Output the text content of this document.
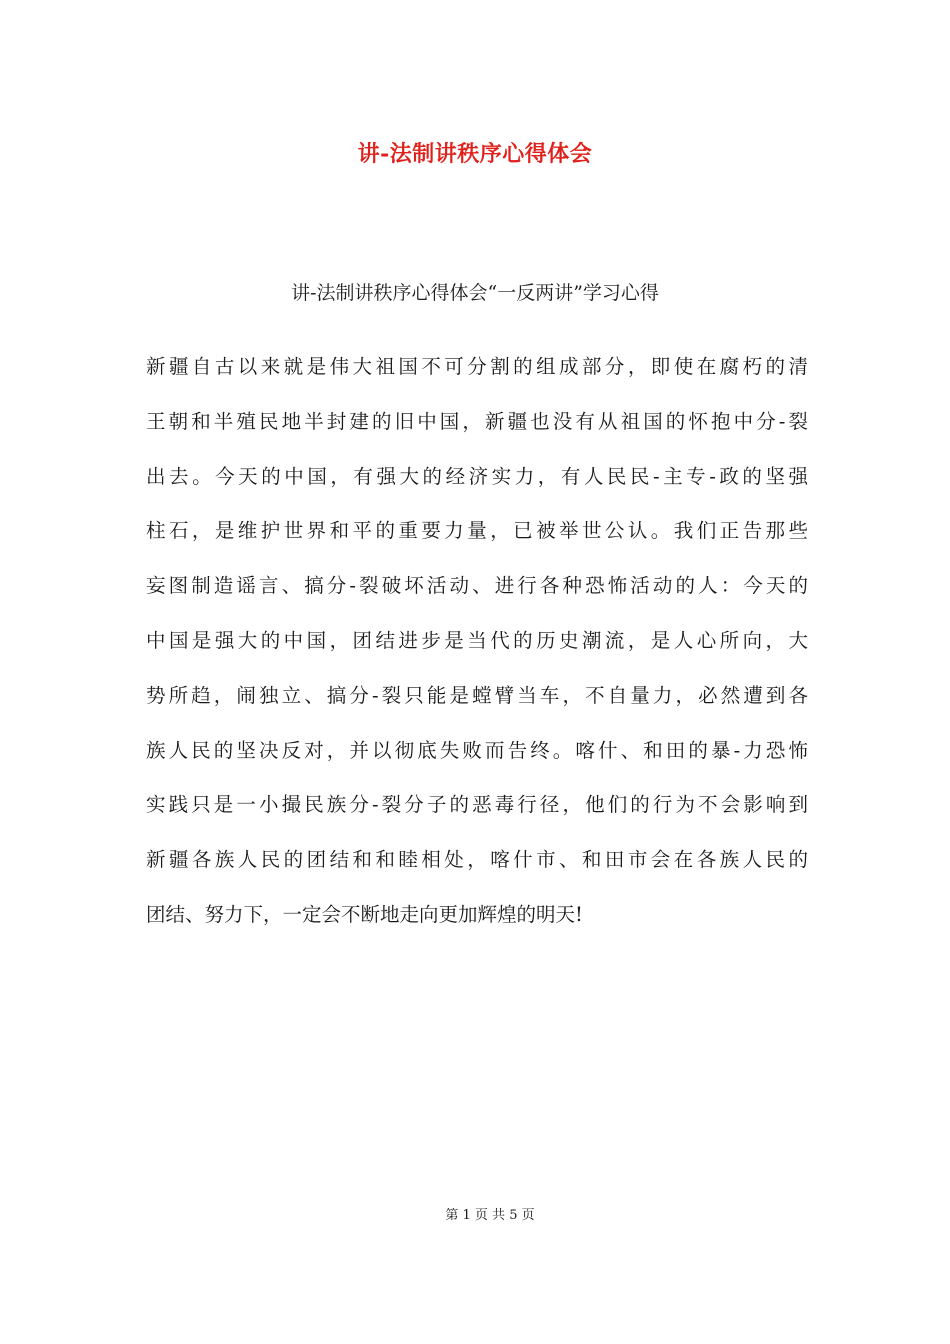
讲-法制讲秩序心得体会

讲-法制讲秩序心得体会“一反两讲”学习心得

新疆自古以来就是伟大祖国不可分割的组成部分，即使在腐朽的清
王朝和半殖民地半封建的旧中国，新疆也没有从祖国的怀抱中分-裂
出去。今天的中国，有强大的经济实力，有人民民-主专-政的坚强
柱石，是维护世界和平的重要力量，已被举世公认。我们正告那些
妄图制造谣言、搞分-裂破坏活动、进行各种恐怖活动的人：今天的
中国是强大的中国，团结进步是当代的历史潮流，是人心所向，大
势所趋，闹独立、搞分-裂只能是螳臂当车，不自量力，必然遭到各
族人民的坚决反对，并以彻底失败而告终。喀什、和田的暴-力恐怖
实践只是一小撮民族分-裂分子的恶毒行径，他们的行为不会影响到
新疆各族人民的团结和和睦相处，喀什市、和田市会在各族人民的
团结、努力下，一定会不断地走向更加辉煌的明天!
第 1 页 共 5 页
